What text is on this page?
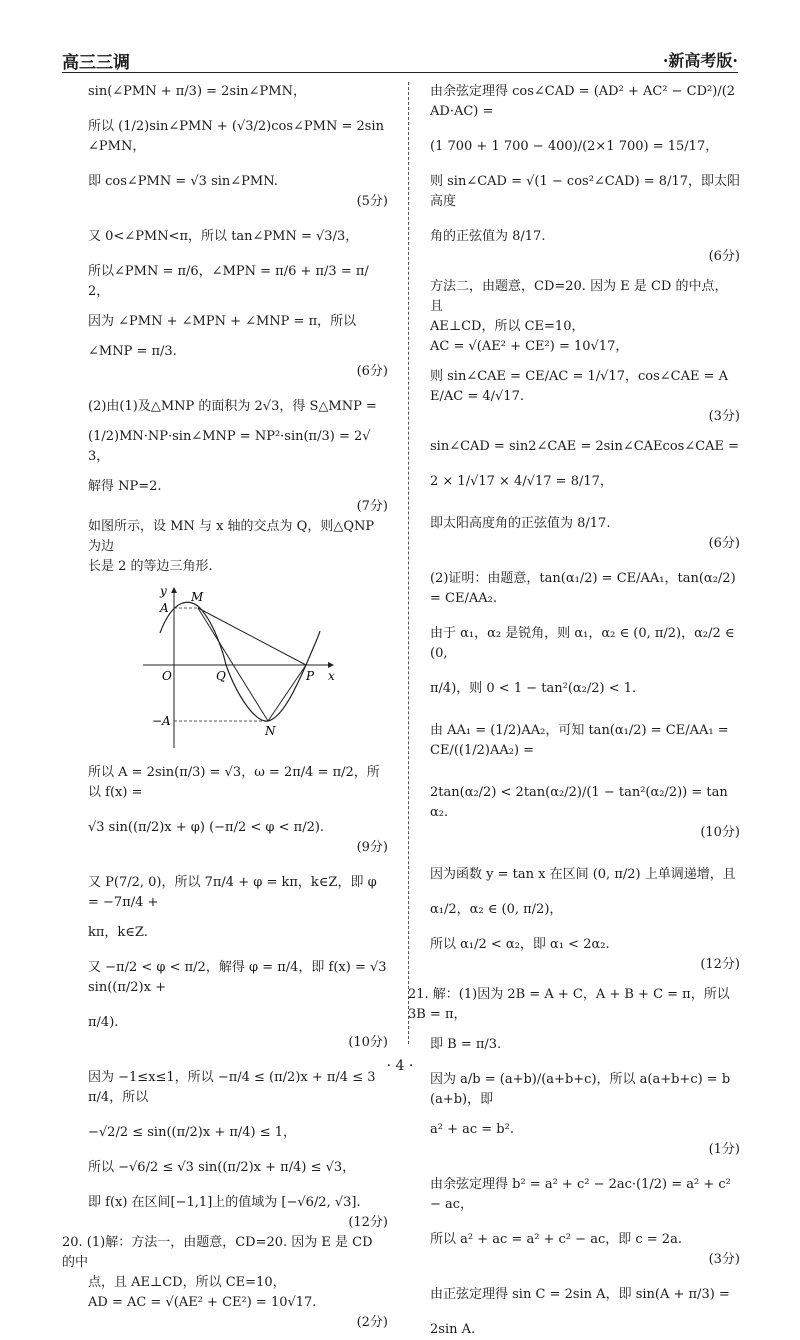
高三三调	·新高考版·
sin(∠PMN + π/3) = 2sin∠PMN，
所以 (1/2)sin∠PMN + (√3/2)cos∠PMN = 2sin∠PMN，
即 cos∠PMN = √3 sin∠PMN.
(5分)
又 0<∠PMN<π，所以 tan∠PMN = √3/3，
所以∠PMN = π/6，∠MPN = π/6 + π/3 = π/2，
因为 ∠PMN + ∠MPN + ∠MNP = π，所以
∠MNP = π/3.
(6分)
(2)由(1)及△MNP 的面积为 2√3，得 S△MNP =
(1/2)MN·NP·sin∠MNP = NP²·sin(π/3) = 2√3，
解得 NP=2.
(7分)
如图所示，设 MN 与 x 轴的交点为 Q，则△QNP 为边
长是 2 的等边三角形.
y
x
O
A
−A
M
Q	P
N
所以 A = 2sin(π/3) = √3，ω = 2π/4 = π/2，所以 f(x) =
√3 sin((π/2)x + φ) (−π/2 < φ < π/2).
(9分)
又 P(7/2, 0)，所以 7π/4 + φ = kπ，k∈Z，即 φ = −7π/4 +
kπ，k∈Z.
又 −π/2 < φ < π/2，解得 φ = π/4，即 f(x) = √3 sin((π/2)x +
π/4).
(10分)
因为 −1≤x≤1，所以 −π/4 ≤ (π/2)x + π/4 ≤ 3π/4，所以
−√2/2 ≤ sin((π/2)x + π/4) ≤ 1，
所以 −√6/2 ≤ √3 sin((π/2)x + π/4) ≤ √3，
即 f(x) 在区间[−1,1]上的值域为 [−√6/2, √3].
(12分)
20. (1)解：方法一，由题意，CD=20. 因为 E 是 CD 的中
点，且 AE⊥CD，所以 CE=10，
AD = AC = √(AE² + CE²) = 10√17.
(2分)
由余弦定理得 cos∠CAD = (AD² + AC² − CD²)/(2AD·AC) =
(1 700 + 1 700 − 400)/(2×1 700) = 15/17，
则 sin∠CAD = √(1 − cos²∠CAD) = 8/17，即太阳高度
角的正弦值为 8/17.
(6分)
方法二，由题意，CD=20. 因为 E 是 CD 的中点，且
AE⊥CD，所以 CE=10，
AC = √(AE² + CE²) = 10√17，
则 sin∠CAE = CE/AC = 1/√17，cos∠CAE = AE/AC = 4/√17.
(3分)
sin∠CAD = sin2∠CAE = 2sin∠CAEcos∠CAE =
2 × 1/√17 × 4/√17 = 8/17，
即太阳高度角的正弦值为 8/17.
(6分)
(2)证明：由题意，tan(α₁/2) = CE/AA₁，tan(α₂/2) = CE/AA₂.
由于 α₁，α₂ 是锐角，则 α₁，α₂ ∈ (0, π/2)，α₂/2 ∈ (0,
π/4)，则 0 < 1 − tan²(α₂/2) < 1.
由 AA₁ = (1/2)AA₂，可知 tan(α₁/2) = CE/AA₁ = CE/((1/2)AA₂) =
2tan(α₂/2) < 2tan(α₂/2)/(1 − tan²(α₂/2)) = tan α₂.
(10分)
因为函数 y = tan x 在区间 (0, π/2) 上单调递增，且
α₁/2，α₂ ∈ (0, π/2)，
所以 α₁/2 < α₂，即 α₁ < 2α₂.
(12分)
21. 解：(1)因为 2B = A + C，A + B + C = π，所以 3B = π，
即 B = π/3.
因为 a/b = (a+b)/(a+b+c)，所以 a(a+b+c) = b(a+b)，即
a² + ac = b².
(1分)
由余弦定理得 b² = a² + c² − 2ac·(1/2) = a² + c² − ac，
所以 a² + ac = a² + c² − ac，即 c = 2a.
(3分)
由正弦定理得 sin C = 2sin A，即 sin(A + π/3) =
2sin A.
· 4 ·
